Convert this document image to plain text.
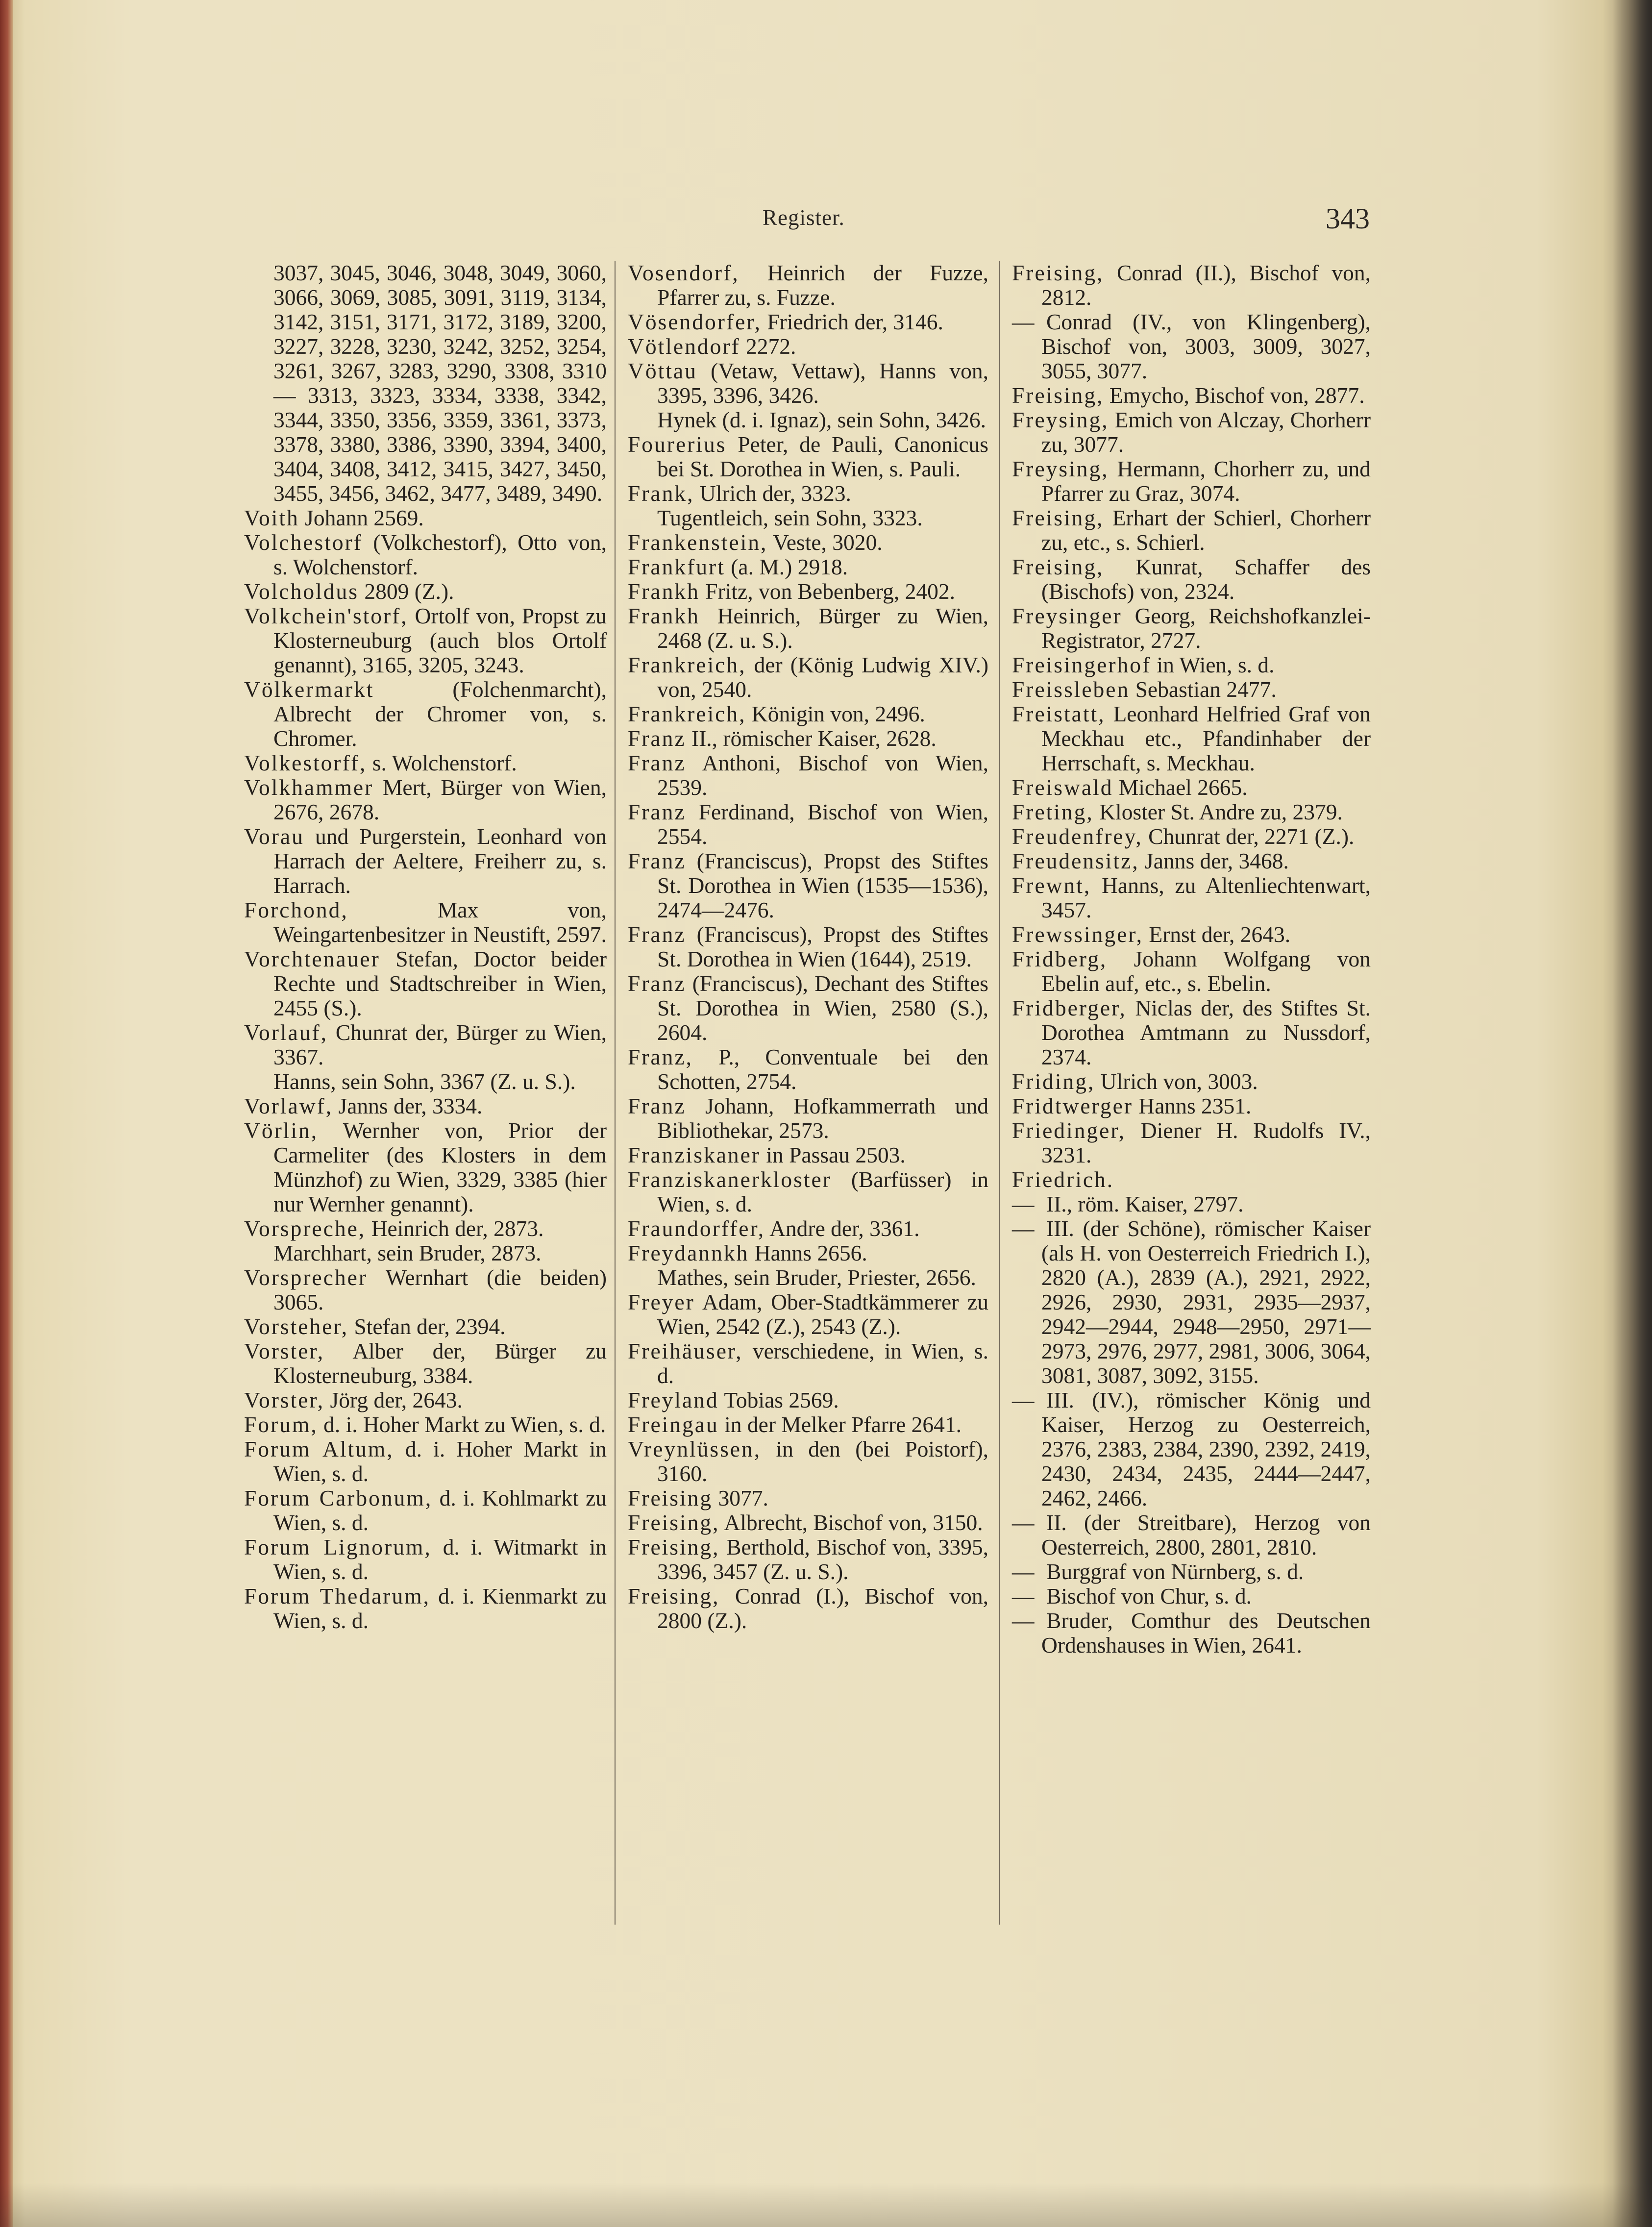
Register.	343
3037, 3045, 3046, 3048, 3049, 3060, 3066, 3069, 3085, 3091, 3119, 3134, 3142, 3151, 3171, 3172, 3189, 3200, 3227, 3228, 3230, 3242, 3252, 3254, 3261, 3267, 3283, 3290, 3308, 3310— 3313, 3323, 3334, 3338, 3342, 3344, 3350, 3356, 3359, 3361, 3373, 3378, 3380, 3386, 3390, 3394, 3400, 3404, 3408, 3412, 3415, 3427, 3450, 3455, 3456, 3462, 3477, 3489, 3490.
Voith Johann 2569.
Volchestorf (Volkchestorf), Otto von, s. Wolchenstorf.
Volcholdus 2809 (Z.).
Volkchein'storf, Ortolf von, Propst zu Klosterneuburg (auch blos Ortolf genannt), 3165, 3205, 3243.
Völkermarkt	(Folchenmarcht), Albrecht der Chromer von, s. Chromer.
Volkestorff, s. Wolchenstorf.
Volkhammer Mert, Bürger von Wien, 2676, 2678.
Vorau und Purgerstein, Leonhard von Harrach der Aeltere, Freiherr zu, s. Harrach.
Forchond,	Max von, Weingartenbesitzer in Neustift, 2597.
Vorchtenauer Stefan, Doctor beider Rechte und Stadtschreiber in Wien, 2455 (S.).
Vorlauf, Chunrat der, Bürger zu Wien, 3367.
Hanns, sein Sohn, 3367 (Z. u. S.).
Vorlawf, Janns der, 3334.
Vörlin, Wernher von, Prior der Carmeliter (des Klosters in dem Münzhof) zu Wien, 3329, 3385 (hier nur Wernher genannt).
Vorspreche, Heinrich der, 2873.
Marchhart, sein Bruder, 2873.
Vorsprecher Wernhart (die beiden) 3065.
Vorsteher, Stefan der, 2394.
Vorster, Alber der, Bürger zu Klosterneuburg, 3384.
Vorster, Jörg der, 2643.
Forum, d. i. Hoher Markt zu Wien, s. d.
Forum Altum, d. i. Hoher Markt in Wien, s. d.
Forum Carbonum, d. i. Kohlmarkt zu Wien, s. d.
Forum Lignorum, d. i. Witmarkt in Wien, s. d.
Forum Thedarum, d. i. Kienmarkt zu Wien, s. d.
Vosendorf, Heinrich der Fuzze, Pfarrer zu, s. Fuzze.
Vösendorfer, Friedrich der, 3146.
Vötlendorf 2272.
Vöttau (Vetaw, Vettaw), Hanns von, 3395, 3396, 3426.
Hynek (d. i. Ignaz), sein Sohn, 3426.
Fourerius Peter, de Pauli, Canonicus bei St. Dorothea in Wien, s. Pauli.
Frank, Ulrich der, 3323.
Tugentleich, sein Sohn, 3323.
Frankenstein, Veste, 3020.
Frankfurt (a. M.) 2918.
Frankh Fritz, von Bebenberg, 2402.
Frankh Heinrich, Bürger zu Wien, 2468 (Z. u. S.).
Frankreich, der (König Ludwig XIV.) von, 2540.
Frankreich, Königin von, 2496.
Franz II., römischer Kaiser, 2628.
Franz Anthoni, Bischof von Wien, 2539.
Franz Ferdinand, Bischof von Wien, 2554.
Franz (Franciscus), Propst des Stiftes St. Dorothea in Wien (1535—1536), 2474—2476.
Franz (Franciscus), Propst des Stiftes St. Dorothea in Wien (1644), 2519.
Franz (Franciscus), Dechant des Stiftes St. Dorothea in Wien, 2580 (S.), 2604.
Franz, P., Conventuale bei den Schotten, 2754.
Franz Johann, Hofkammerrath und Bibliothekar, 2573.
Franziskaner in Passau 2503.
Franziskanerkloster (Barfüsser) in Wien, s. d.
Fraundorffer, Andre der, 3361.
Freydannkh Hanns 2656.
Mathes, sein Bruder, Priester, 2656.
Freyer Adam, Ober-Stadtkämmerer zu Wien, 2542 (Z.), 2543 (Z.).
Freihäuser, verschiedene, in Wien, s. d.
Freyland Tobias 2569.
Freingau in der Melker Pfarre 2641.
Vreynlüssen, in den (bei Poistorf), 3160.
Freising 3077.
Freising, Albrecht, Bischof von, 3150.
Freising, Berthold, Bischof von, 3395, 3396, 3457 (Z. u. S.).
Freising, Conrad (I.), Bischof von, 2800 (Z.).
Freising, Conrad (II.), Bischof von, 2812.
— Conrad (IV., von Klingenberg), Bischof von, 3003, 3009, 3027, 3055, 3077.
Freising, Emycho, Bischof von, 2877.
Freysing, Emich von Alczay, Chorherr zu, 3077.
Freysing, Hermann, Chorherr zu, und Pfarrer zu Graz, 3074.
Freising, Erhart der Schierl, Chorherr zu, etc., s. Schierl.
Freising, Kunrat, Schaffer des (Bischofs) von, 2324.
Freysinger Georg, Reichshofkanzlei-Registrator, 2727.
Freisingerhof in Wien, s. d.
Freissleben Sebastian 2477.
Freistatt, Leonhard Helfried Graf von Meckhau etc., Pfandinhaber der Herrschaft, s. Meckhau.
Freiswald Michael 2665.
Freting, Kloster St. Andre zu, 2379.
Freudenfrey, Chunrat der, 2271 (Z.).
Freudensitz, Janns der, 3468.
Frewnt, Hanns, zu Altenliechtenwart, 3457.
Frewssinger, Ernst der, 2643.
Fridberg, Johann Wolfgang von Ebelin auf, etc., s. Ebelin.
Fridberger, Niclas der, des Stiftes St. Dorothea Amtmann zu Nussdorf, 2374.
Friding, Ulrich von, 3003.
Fridtwerger Hanns 2351.
Friedinger, Diener H. Rudolfs IV., 3231.
Friedrich.
— II., röm. Kaiser, 2797.
— III. (der Schöne), römischer Kaiser (als H. von Oesterreich Friedrich I.), 2820 (A.), 2839 (A.), 2921, 2922, 2926, 2930, 2931, 2935—2937, 2942—2944, 2948—2950, 2971—2973, 2976, 2977, 2981, 3006, 3064, 3081, 3087, 3092, 3155.
— III. (IV.), römischer König und Kaiser, Herzog zu Oesterreich, 2376, 2383, 2384, 2390, 2392, 2419, 2430, 2434, 2435, 2444—2447, 2462, 2466.
— II. (der Streitbare), Herzog von Oesterreich, 2800, 2801, 2810.
— Burggraf von Nürnberg, s. d.
— Bischof von Chur, s. d.
— Bruder, Comthur des Deutschen Ordenshauses in Wien, 2641.
